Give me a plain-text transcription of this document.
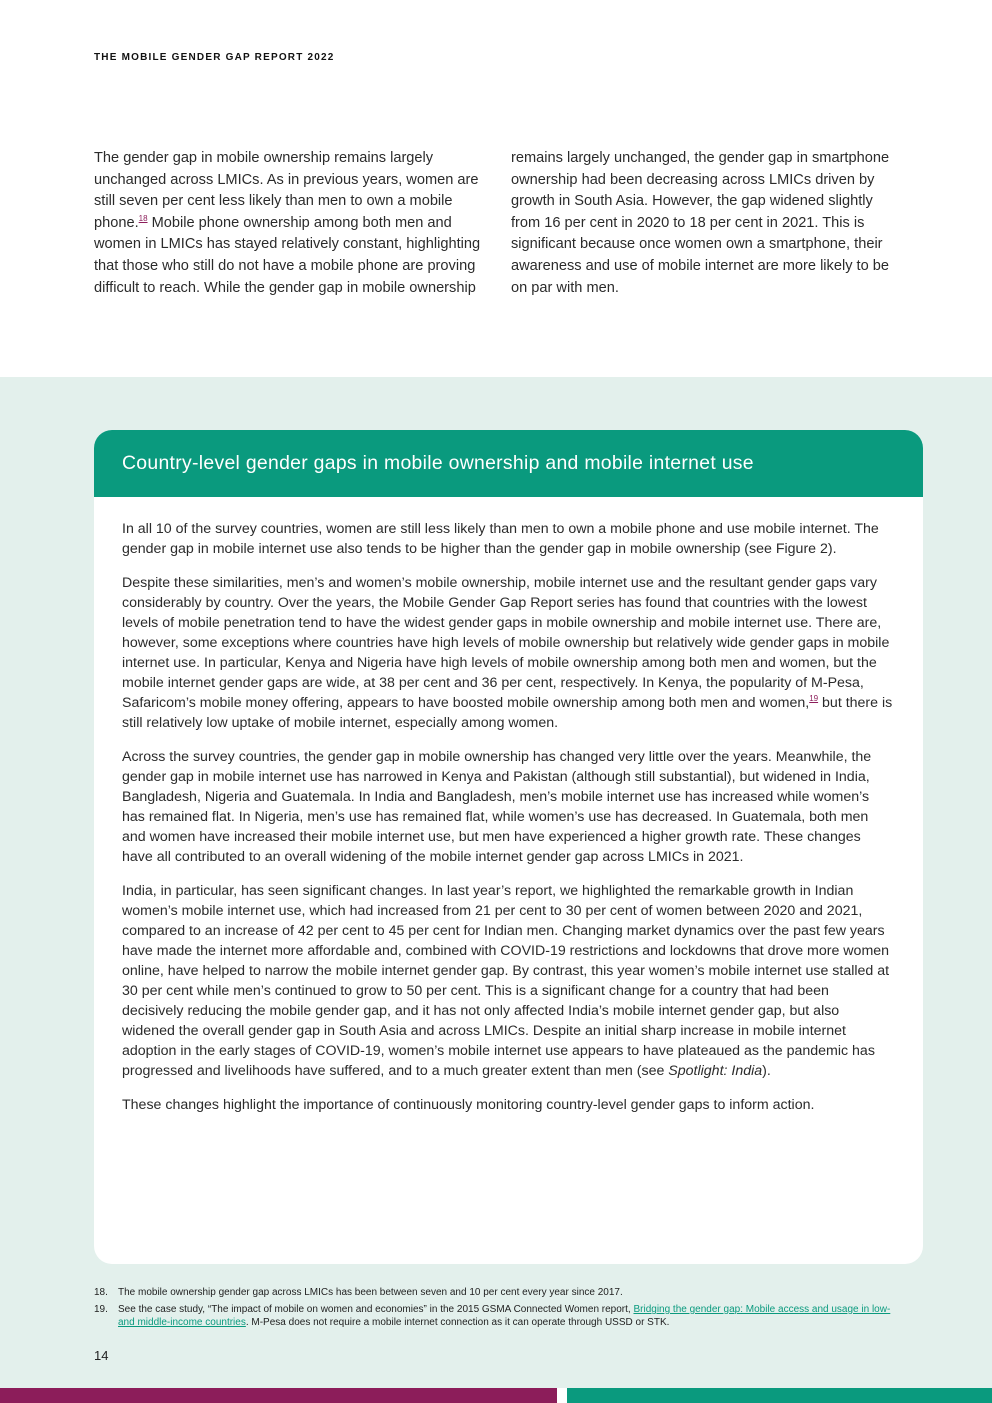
THE MOBILE GENDER GAP REPORT 2022

The gender gap in mobile ownership remains largely unchanged across LMICs. As in previous years, women are still seven per cent less likely than men to own a mobile phone.$^{18}$ Mobile phone ownership among both men and women in LMICs has stayed relatively constant, highlighting that those who still do not have a mobile phone are proving difficult to reach. While the gender gap in mobile ownership remains largely unchanged, the gender gap in smartphone ownership had been decreasing across LMICs driven by growth in South Asia. However, the gap widened slightly from 16 per cent in 2020 to 18 per cent in 2021. This is significant because once women own a smartphone, their awareness and use of mobile internet are more likely to be on par with men.

Country-level gender gaps in mobile ownership and mobile internet use

In all 10 of the survey countries, women are still less likely than men to own a mobile phone and use mobile internet. The gender gap in mobile internet use also tends to be higher than the gender gap in mobile ownership (see Figure 2).

Despite these similarities, men’s and women’s mobile ownership, mobile internet use and the resultant gender gaps vary considerably by country. Over the years, the Mobile Gender Gap Report series has found that countries with the lowest levels of mobile penetration tend to have the widest gender gaps in mobile ownership and mobile internet use. There are, however, some exceptions where countries have high levels of mobile ownership but relatively wide gender gaps in mobile internet use. In particular, Kenya and Nigeria have high levels of mobile ownership among both men and women, but the mobile internet gender gaps are wide, at 38 per cent and 36 per cent, respectively. In Kenya, the popularity of M-Pesa, Safaricom’s mobile money offering, appears to have boosted mobile ownership among both men and women,$^{19}$ but there is still relatively low uptake of mobile internet, especially among women.

Across the survey countries, the gender gap in mobile ownership has changed very little over the years. Meanwhile, the gender gap in mobile internet use has narrowed in Kenya and Pakistan (although still substantial), but widened in India, Bangladesh, Nigeria and Guatemala. In India and Bangladesh, men’s mobile internet use has increased while women’s has remained flat. In Nigeria, men’s use has remained flat, while women’s use has decreased. In Guatemala, both men and women have increased their mobile internet use, but men have experienced a higher growth rate. These changes have all contributed to an overall widening of the mobile internet gender gap across LMICs in 2021.

India, in particular, has seen significant changes. In last year’s report, we highlighted the remarkable growth in Indian women’s mobile internet use, which had increased from 21 per cent to 30 per cent of women between 2020 and 2021, compared to an increase of 42 per cent to 45 per cent for Indian men. Changing market dynamics over the past few years have made the internet more affordable and, combined with COVID-19 restrictions and lockdowns that drove more women online, have helped to narrow the mobile internet gender gap. By contrast, this year women’s mobile internet use stalled at 30 per cent while men’s continued to grow to 50 per cent. This is a significant change for a country that had been decisively reducing the mobile gender gap, and it has not only affected India’s mobile internet gender gap, but also widened the overall gender gap in South Asia and across LMICs. Despite an initial sharp increase in mobile internet adoption in the early stages of COVID-19, women’s mobile internet use appears to have plateaued as the pandemic has progressed and livelihoods have suffered, and to a much greater extent than men (see Spotlight: India).

These changes highlight the importance of continuously monitoring country-level gender gaps to inform action.

18.	The mobile ownership gender gap across LMICs has been between seven and 10 per cent every year since 2017.
19.	See the case study, “The impact of mobile on women and economies” in the 2015 GSMA Connected Women report, Bridging the gender gap: Mobile access and usage in low- and middle-income countries. M-Pesa does not require a mobile internet connection as it can operate through USSD or STK.
14
